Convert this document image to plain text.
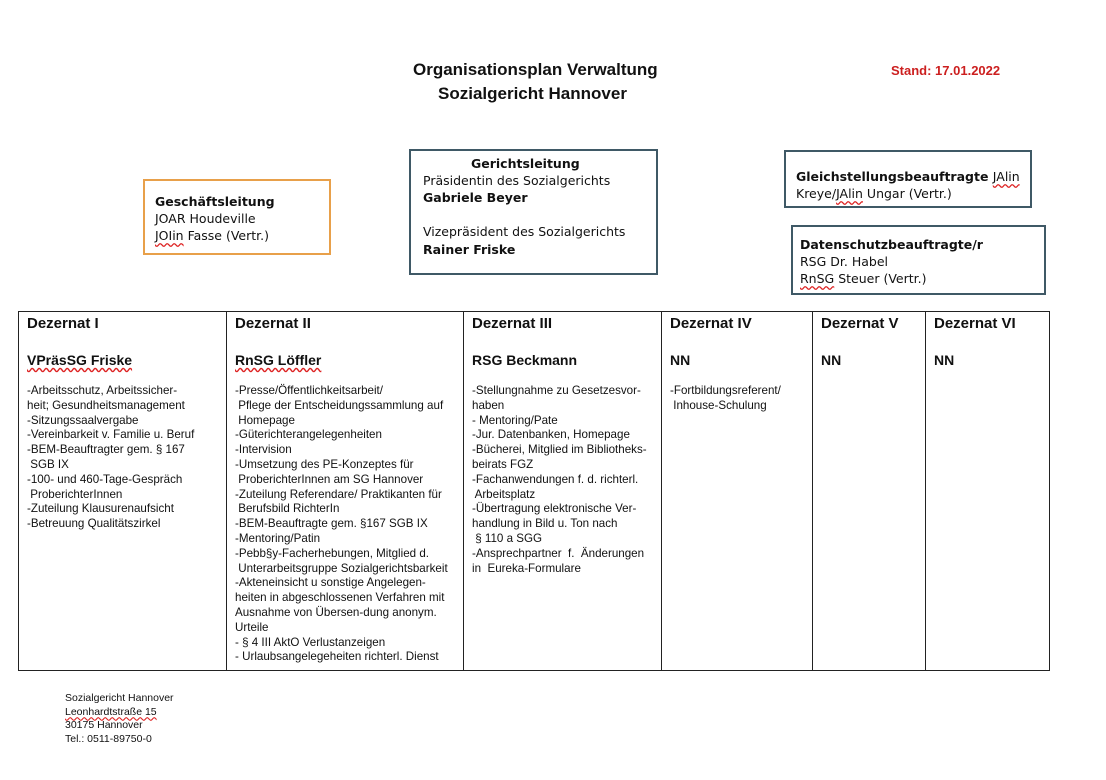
Organisationsplan Verwaltung
Sozialgericht Hannover
Stand: 17.01.2022
Geschäftsleitung
JOAR Houdeville
JOIin Fasse (Vertr.)
Gerichtsleitung
Präsidentin des Sozialgerichts
Gabriele Beyer
Vizepräsident des Sozialgerichts
Rainer Friske
Gleichstellungsbeauftragte JAlin
Kreye/JAlin Ungar (Vertr.)
Datenschutzbeauftragte/r
RSG Dr. Habel
RnSG Steuer (Vertr.)
Dezernat I
VPräsSG Friske
-Arbeitsschutz, Arbeitssicher-
heit; Gesundheitsmanagement
-Sitzungssaalvergabe
-Vereinbarkeit v. Familie u. Beruf
-BEM-Beauftragter gem. § 167
SGB IX
-100- und 460-Tage-Gespräch
ProberichterInnen
-Zuteilung Klausurenaufsicht
-Betreuung Qualitätszirkel

Dezernat II
RnSG Löffler
-Presse/Öffentlichkeitsarbeit/
Pflege der Entscheidungssammlung auf
Homepage
-Güterichterangelegenheiten
-Intervision
-Umsetzung des PE-Konzeptes für
ProberichterInnen am SG Hannover
-Zuteilung Referendare/ Praktikanten für
Berufsbild RichterIn
-BEM-Beauftragte gem. §167 SGB IX
-Mentoring/Patin
-Pebb§y-Facherhebungen, Mitglied d.
Unterarbeitsgruppe Sozialgerichtsbarkeit
-Akteneinsicht u sonstige Angelegen-
heiten in abgeschlossenen Verfahren mit
Ausnahme von Übersen-dung anonym.
Urteile
- § 4 III AktO Verlustanzeigen
- Urlaubsangelegeheiten richterl. Dienst

Dezernat III
RSG Beckmann
-Stellungnahme zu Gesetzesvor-
haben
- Mentoring/Pate
-Jur. Datenbanken, Homepage
-Bücherei, Mitglied im Bibliotheks-
beirats FGZ
-Fachanwendungen f. d. richterl.
Arbeitsplatz
-Übertragung elektronische Ver-
handlung in Bild u. Ton nach
§ 110 a SGG
-Ansprechpartner  f.  Änderungen
in  Eureka-Formulare

Dezernat IV
NN
-Fortbildungsreferent/
Inhouse-Schulung

Dezernat V
NN

Dezernat VI
NN
Sozialgericht Hannover
Leonhardtstraße 15
30175 Hannover
Tel.: 0511-89750-0
